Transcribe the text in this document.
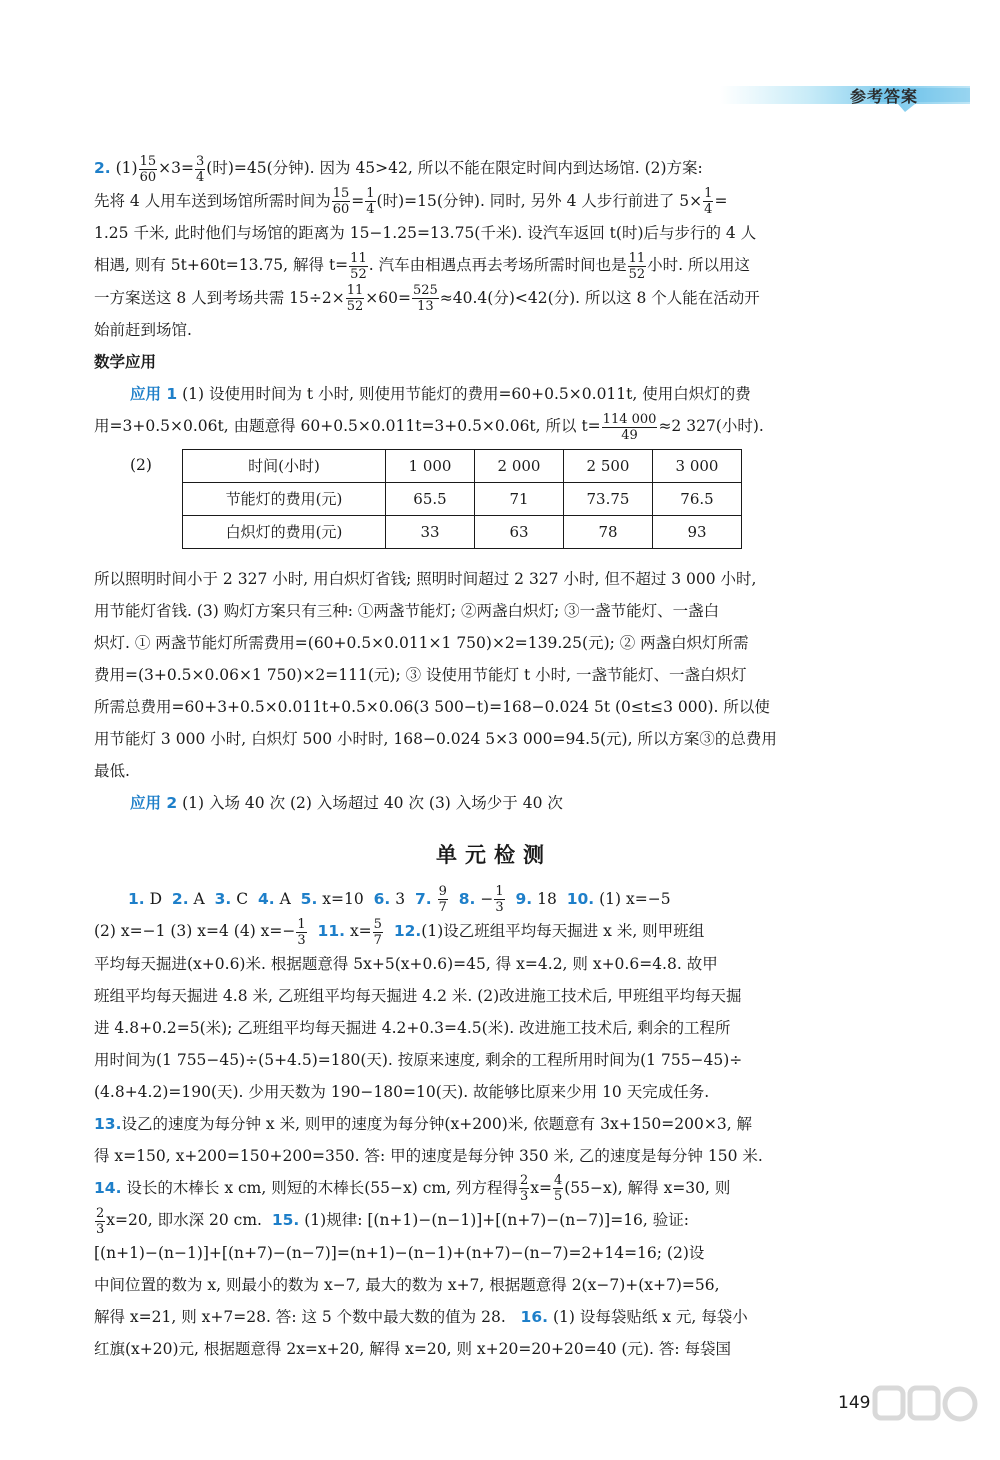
参考答案

2. $(1) \frac{15}{60} \times 3= \frac{3}{4}$ (时)=45(分钟). 因为 45>42, 所以不能在限定时间内到达场馆. (2)方案:

先将 4 人用车送到场馆所需时间为 $\frac{15}{60} = \frac{1}{4}$ (时)=15(分钟). 同时, 另外 4 人步行前进了 $5\times \frac{1}{4}$ =

1.25 千米, 此时他们与场馆的距离为 15−1.25=13.75(千米). 设汽车返回 t(时)后与步行的 4 人

相遇, 则有 5t+60t=13.75, 解得 $t= \frac{11}{52}$ . 汽车由相遇点再去考场所需时间也是 $\frac{11}{52}$ 小时. 所以用这

一方案送这 8 人到考场共需 $15\div 2\times \frac{11}{52} \times 60= \frac{525}{13} \approx 40.4$(分)<42(分). 所以这 8 个人能在活动开

始前赶到场馆.

数学应用

应用 1 (1) 设使用时间为 t 小时, 则使用节能灯的费用=60+0.5×0.011t, 使用白炽灯的费

用=3+0.5×0.06t, 由题意得 60+0.5×0.011t=3+0.5×0.06t, 所以 $t= \frac{114 000}{49} \approx 2$ 327(小时).

(2)	时间(小时)	1 000	2 000	2 500	3 000
节能灯的费用(元)	65.5	71	73.75	76.5
白炽灯的费用(元)	33	63	78	93

所以照明时间小于 2 327 小时, 用白炽灯省钱; 照明时间超过 2 327 小时, 但不超过 3 000 小时,

用节能灯省钱. (3) 购灯方案只有三种: ①两盏节能灯; ②两盏白炽灯; ③一盏节能灯、一盏白

炽灯. ① 两盏节能灯所需费用=(60+0.5×0.011×1 750)×2=139.25(元); ② 两盏白炽灯所需

费用=(3+0.5×0.06×1 750)×2=111(元); ③ 设使用节能灯 t 小时, 一盏节能灯、一盏白炽灯

所需总费用=60+3+0.5×0.011t+0.5×0.06(3 500−t)=168−0.024 5t (0≤t≤3 000). 所以使

用节能灯 3 000 小时, 白炽灯 500 小时时, 168−0.024 5×3 000=94.5(元), 所以方案③的总费用

最低.

应用 2 (1) 入场 40 次 (2) 入场超过 40 次 (3) 入场少于 40 次

单元检测

1. D 2. A 3. C 4. A 5. x=10 6. 3 7. $\frac{9}{7} 8$. − $\frac{1}{3} 9$. 18 10. (1) x=−5

(2) x=−1 (3) x=4 (4) $x=- \frac{1}{3} 11$. $x= \frac{5}{7} 12.(1)$设乙班组平均每天掘进 x 米, 则甲班组

平均每天掘进(x+0.6)米. 根据题意得 5x+5(x+0.6)=45, 得 x=4.2, 则 x+0.6=4.8. 故甲

班组平均每天掘进 4.8 米, 乙班组平均每天掘进 4.2 米. (2)改进施工技术后, 甲班组平均每天掘

进 4.8+0.2=5(米); 乙班组平均每天掘进 4.2+0.3=4.5(米). 改进施工技术后, 剩余的工程所

用时间为(1 755−45)÷(5+4.5)=180(天). 按原来速度, 剩余的工程所用时间为(1 755−45)÷

(4.8+4.2)=190(天). 少用天数为 190−180=10(天). 故能够比原来少用 10 天完成任务.

13.设乙的速度为每分钟 x 米, 则甲的速度为每分钟(x+200)米, 依题意有 3x+150=200×3, 解

得 x=150, x+200=150+200=350. 答: 甲的速度是每分钟 350 米, 乙的速度是每分钟 150 米.

14. 设长的木棒长 x cm, 则短的木棒长(55−x) cm, 列方程得 $\frac{2}{3} x= \frac{4}{5} (55-x)$, 解得 x=30, 则

$\frac{2}{3} x=20$, 即水深 20 cm. 15. (1)规律: [(n+1)−(n−1)]+[(n+7)−(n−7)]=16, 验证:

[(n+1)−(n−1)]+[(n+7)−(n−7)]=(n+1)−(n−1)+(n+7)−(n−7)=2+14=16; (2)设

中间位置的数为 x, 则最小的数为 x−7, 最大的数为 x+7, 根据题意得 2(x−7)+(x+7)=56,

解得 x=21, 则 x+7=28. 答: 这 5 个数中最大数的值为 28. 16. (1) 设每袋贴纸 x 元, 每袋小

红旗(x+20)元, 根据题意得 2x=x+20, 解得 x=20, 则 x+20=20+20=40 (元). 答: 每袋国

149
